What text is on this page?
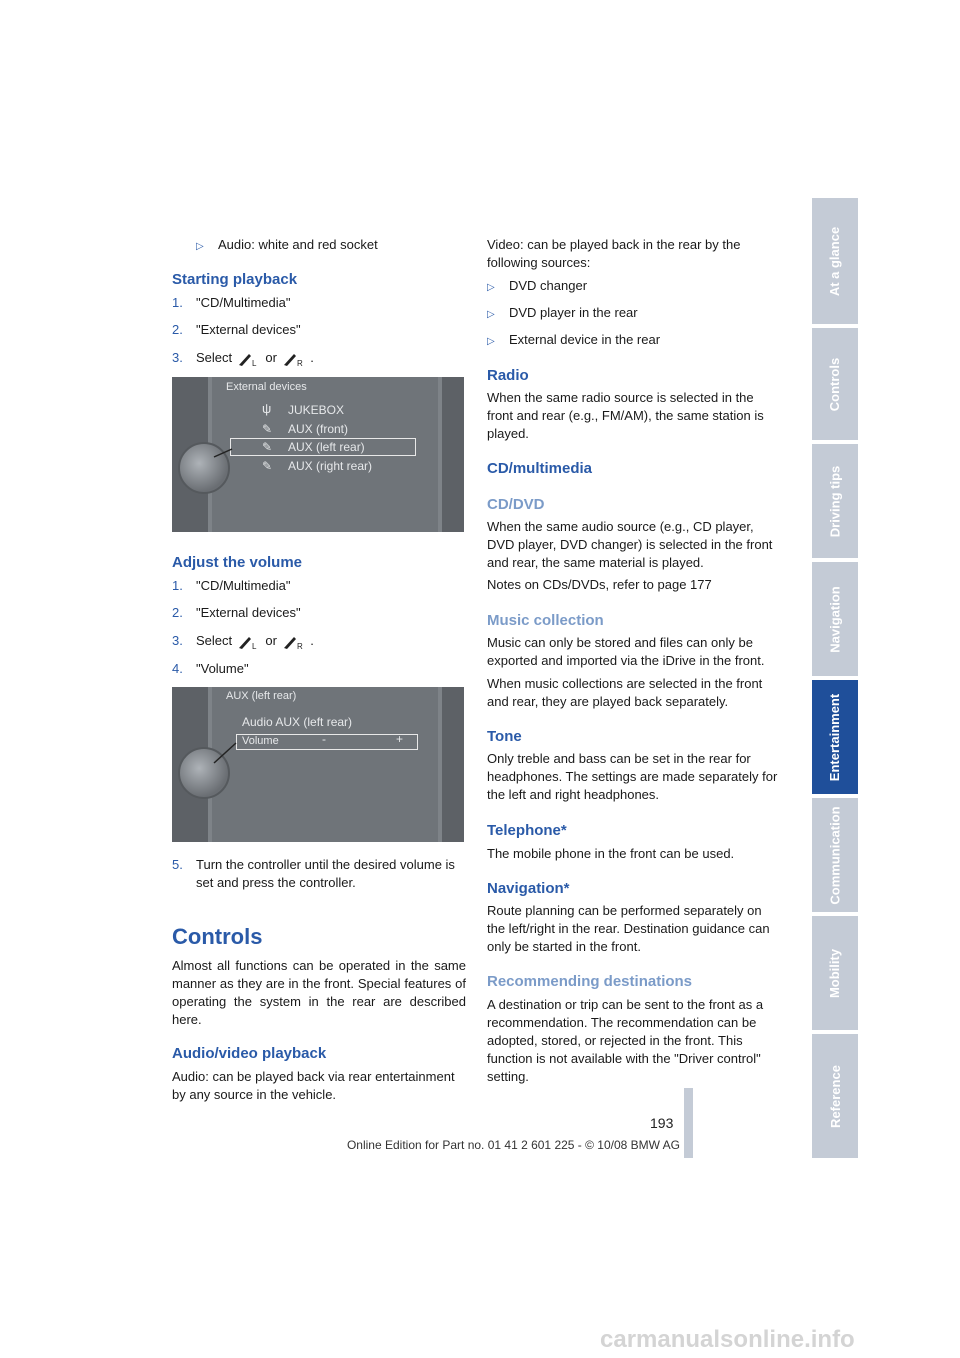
▷ Audio: white and red socket
Starting playback
1. "CD/Multimedia"
2. "External devices"
3. Select L or R .
External devices
ψ JUKEBOX
✎ AUX (front)
✎ AUX (left rear)
✎ AUX (right rear)
Adjust the volume
1. "CD/Multimedia"
2. "External devices"
3. Select L or R .
4. "Volume"
AUX (left rear)
Audio AUX (left rear)
Volume	-	+
5.	Turn the controller until the desired volume is set and press the controller.
Controls

Almost all functions can be operated in the same manner as they are in the front. Special features of operating the system in the rear are described here.

Audio/video playback

Audio: can be played back via rear entertainment by any source in the vehicle.

Video: can be played back in the rear by the following sources:

▷ DVD changer
▷ DVD player in the rear
▷ External device in the rear
Radio

When the same radio source is selected in the front and rear (e.g., FM/AM), the same station is played.

CD/multimedia
CD/DVD

When the same audio source (e.g., CD player, DVD player, DVD changer) is selected in the front and rear, the same material is played.

Notes on CDs/DVDs, refer to page 177

Music collection

Music can only be stored and files can only be exported and imported via the iDrive in the front.

When music collections are selected in the front and rear, they are played back separately.

Tone

Only treble and bass can be set in the rear for headphones. The settings are made separately for the left and right headphones.

Telephone*

The mobile phone in the front can be used.

Navigation*

Route planning can be performed separately on the left/right in the rear. Destination guidance can only be started in the front.

Recommending destinations

A destination or trip can be sent to the front as a recommendation. The recommendation can be adopted, stored, or rejected in the front. This function is not available with the "Driver control" setting.

At a glance
Controls
Driving tips
Navigation
Entertainment
Communication
Mobility
Reference
193
Online Edition for Part no. 01 41 2 601 225 - © 10/08 BMW AG
carmanualsonline.info
